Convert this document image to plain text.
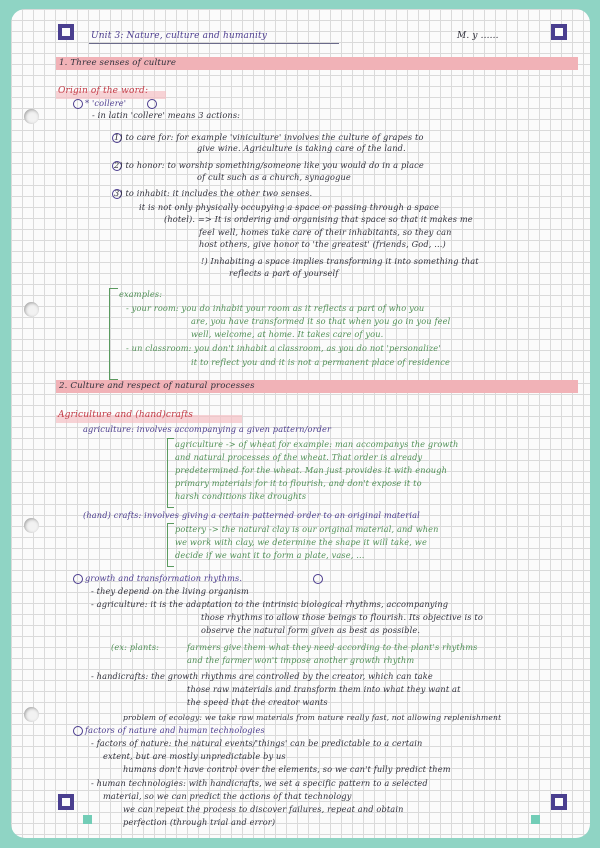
Unit 3: Nature, culture and humanity	M. y ......
1. Three senses of culture
Origin of the word:
* 'collere'
- in latin 'collere' means 3 actions:
1) to care for: for example 'viniculture' involves the culture of grapes to
give wine. Agriculture is taking care of the land.
2) to honor: to worship something/someone like you would do in a place
of cult such as a church, synagogue
3) to inhabit: it includes the other two senses.
it is not only physically occupying a space or passing through a space
(hotel). => It is ordering and organising that space so that it makes me
feel well, homes take care of their inhabitants, so they can
host others, give honor to 'the greatest' (friends, God, ...)
!) Inhabiting a space implies transforming it into something that
reflects a part of yourself
examples:
- your room: you do inhabit your room as it reflects a part of who you
are, you have transformed it so that when you go in you feel
well, welcome, at home. It takes care of you.
- un classroom: you don't inhabit a classroom, as you do not 'personalize'
it to reflect you and it is not a permanent place of residence
2. Culture and respect of natural processes
Agriculture and (hand)crafts
agriculture: involves accompanying a given pattern/order
agriculture -> of wheat for example: man accompanys the growth
and natural processes of the wheat. That order is already
predetermined for the wheat. Man just provides it with enough
primary materials for it to flourish, and don't expose it to
harsh conditions like droughts
(hand) crafts: involves giving a certain patterned order to an original material
pottery -> the natural clay is our original material, and when
we work with clay, we determine the shape it will take, we
decide if we want it to form a plate, vase, ...
growth and transformation rhythms.
- they depend on the living organism
- agriculture: it is the adaptation to the intrinsic biological rhythms, accompanying
those rhythms to allow those beings to flourish. Its objective is to
observe the natural form given as best as possible.
(ex: plants:	farmers give them what they need according to the plant's rhythms
and the farmer won't impose another growth rhythm
- handicrafts: the growth rhythms are controlled by the creator, which can take
those raw materials and transform them into what they want at
the speed that the creator wants
problem of ecology: we take raw materials from nature really fast, not allowing replenishment
factors of nature and human technologies
- factors of nature: the natural events/'things' can be predictable to a certain
extent, but are mostly unpredictable by us
humans don't have control over the elements, so we can't fully predict them
- human technologies: with handicrafts, we set a specific pattern to a selected
material, so we can predict the actions of that technology
we can repeat the process to discover failures, repeat and obtain
perfection (through trial and error)
